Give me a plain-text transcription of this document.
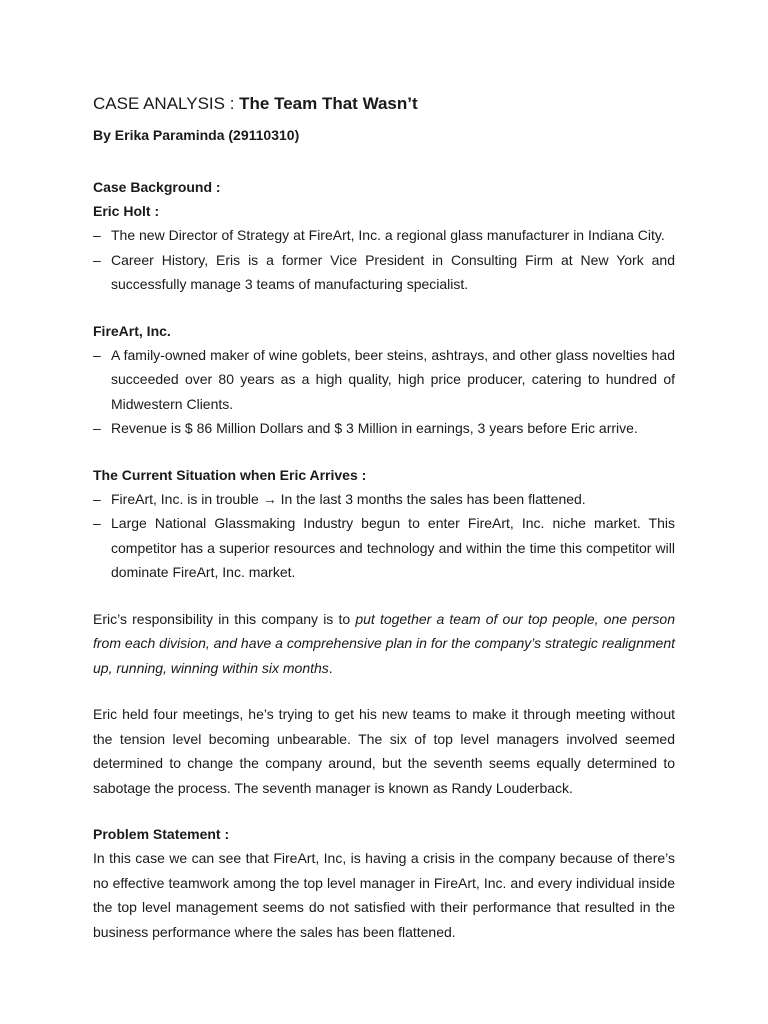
CASE ANALYSIS : The Team That Wasn’t

By Erika Paraminda (29110310)

Case Background :

Eric Holt :

– The new Director of Strategy at FireArt, Inc. a regional glass manufacturer in Indiana City.
– Career History, Eris is a former Vice President in Consulting Firm at New York and successfully manage 3 teams of manufacturing specialist.

FireArt, Inc.

– A family-owned maker of wine goblets, beer steins, ashtrays, and other glass novelties had succeeded over 80 years as a high quality, high price producer, catering to hundred of Midwestern Clients.
– Revenue is $ 86 Million Dollars and $ 3 Million in earnings, 3 years before Eric arrive.

The Current Situation when Eric Arrives :

– FireArt, Inc. is in trouble → In the last 3 months the sales has been flattened.
– Large National Glassmaking Industry begun to enter FireArt, Inc. niche market. This competitor has a superior resources and technology and within the time this competitor will dominate FireArt, Inc. market.

Eric’s responsibility in this company is to put together a team of our top people, one person from each division, and have a comprehensive plan in for the company’s strategic realignment up, running, winning within six months.

Eric held four meetings, he’s trying to get his new teams to make it through meeting without the tension level becoming unbearable. The six of top level managers involved seemed determined to change the company around, but the seventh seems equally determined to sabotage the process. The seventh manager is known as Randy Louderback.

Problem Statement :

In this case we can see that FireArt, Inc, is having a crisis in the company because of there’s no effective teamwork among the top level manager in FireArt, Inc. and every individual inside the top level management seems do not satisfied with their performance that resulted in the business performance where the sales has been flattened.
